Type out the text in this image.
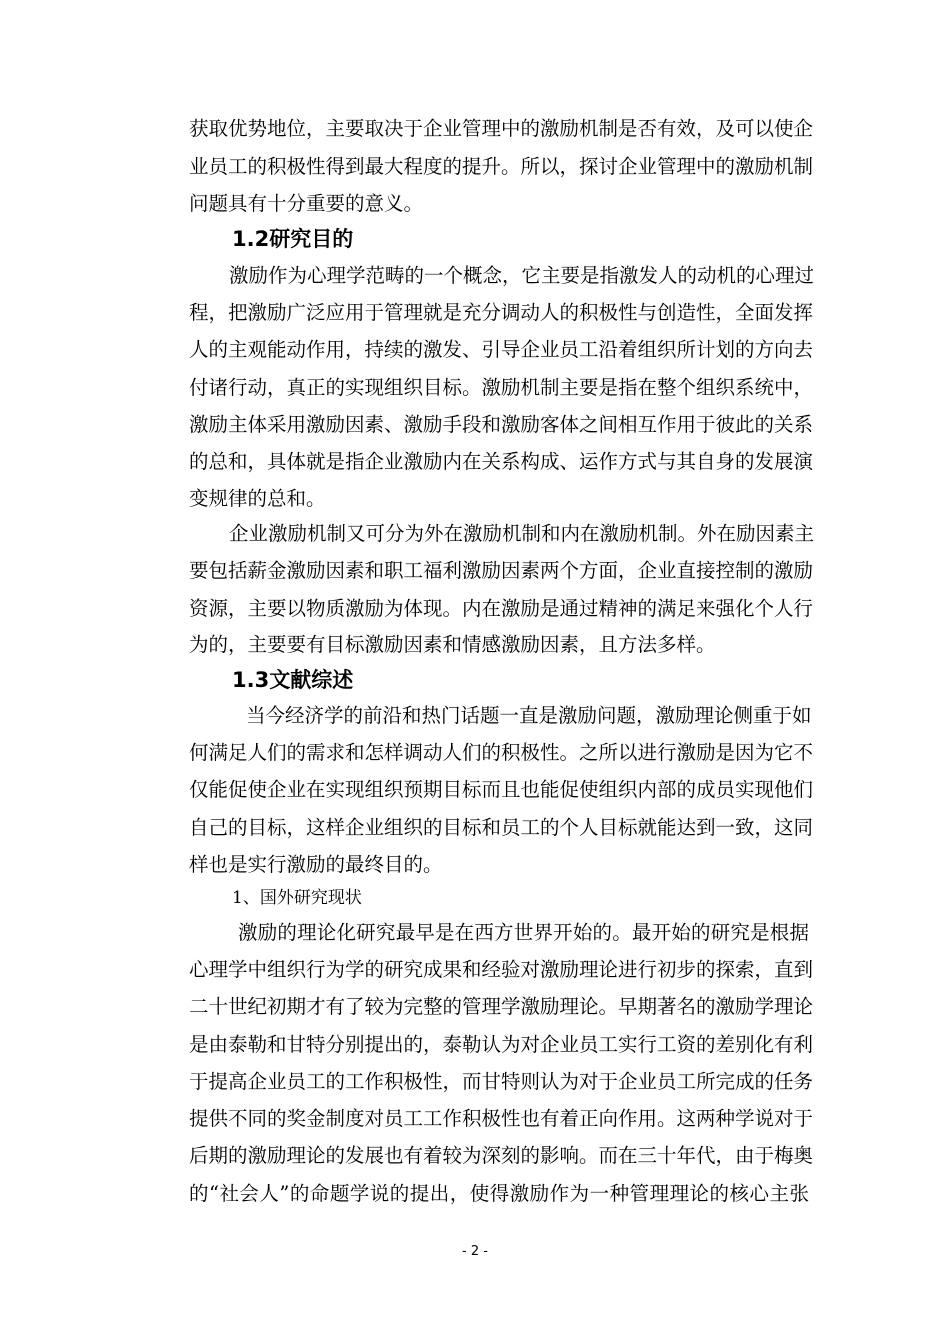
获取优势地位，主要取决于企业管理中的激励机制是否有效，及可以使企
业员工的积极性得到最大程度的提升。所以，探讨企业管理中的激励机制
问题具有十分重要的意义。
1.2研究目的
激励作为心理学范畴的一个概念，它主要是指激发人的动机的心理过
程，把激励广泛应用于管理就是充分调动人的积极性与创造性，全面发挥
人的主观能动作用，持续的激发、引导企业员工沿着组织所计划的方向去
付诸行动，真正的实现组织目标。激励机制主要是指在整个组织系统中，
激励主体采用激励因素、激励手段和激励客体之间相互作用于彼此的关系
的总和，具体就是指企业激励内在关系构成、运作方式与其自身的发展演
变规律的总和。
企业激励机制又可分为外在激励机制和内在激励机制。外在励因素主
要包括薪金激励因素和职工福利激励因素两个方面，企业直接控制的激励
资源，主要以物质激励为体现。内在激励是通过精神的满足来强化个人行
为的，主要要有目标激励因素和情感激励因素，且方法多样。
1.3文献综述
当今经济学的前沿和热门话题一直是激励问题，激励理论侧重于如
何满足人们的需求和怎样调动人们的积极性。之所以进行激励是因为它不
仅能促使企业在实现组织预期目标而且也能促使组织内部的成员实现他们
自己的目标，这样企业组织的目标和员工的个人目标就能达到一致，这同
样也是实行激励的最终目的。
1、国外研究现状
激励的理论化研究最早是在西方世界开始的。最开始的研究是根据
心理学中组织行为学的研究成果和经验对激励理论进行初步的探索，直到
二十世纪初期才有了较为完整的管理学激励理论。早期著名的激励学理论
是由泰勒和甘特分别提出的，泰勒认为对企业员工实行工资的差别化有利
于提高企业员工的工作积极性，而甘特则认为对于企业员工所完成的任务
提供不同的奖金制度对员工工作积极性也有着正向作用。这两种学说对于
后期的激励理论的发展也有着较为深刻的影响。而在三十年代，由于梅奥
的“社会人”的命题学说的提出，使得激励作为一种管理理论的核心主张
- 2 -
